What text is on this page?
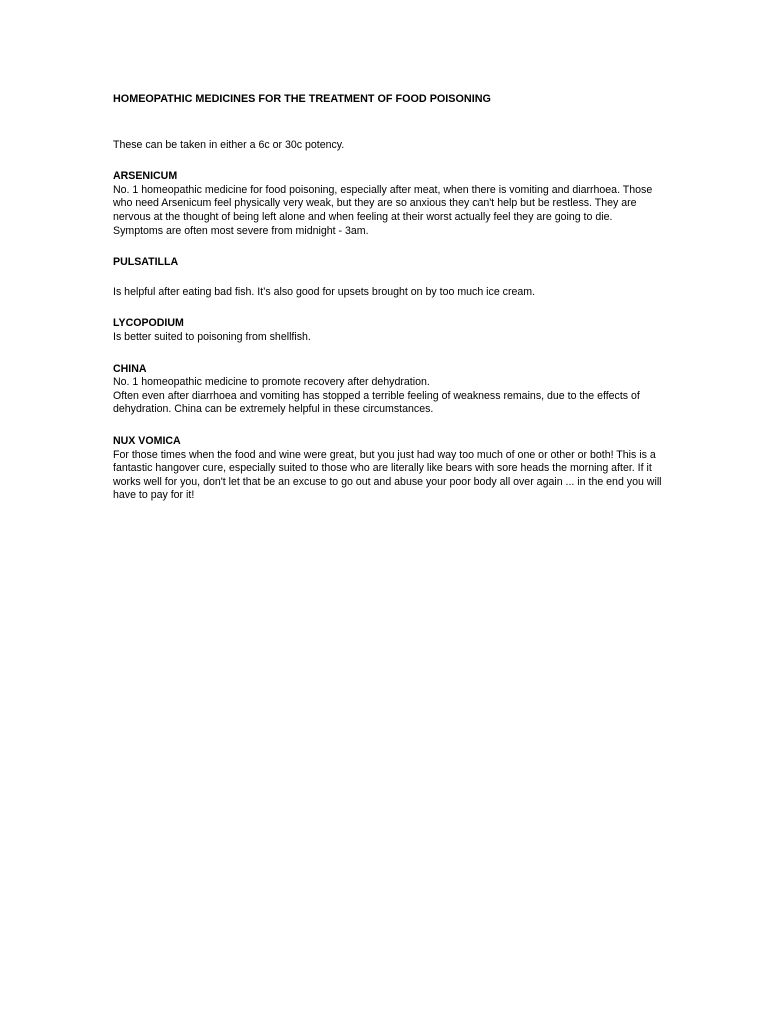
HOMEOPATHIC MEDICINES FOR THE TREATMENT OF FOOD POISONING

These can be taken in either a 6c or 30c potency.

ARSENICUM

No. 1 homeopathic medicine for food poisoning, especially after meat, when there is vomiting and diarrhoea. Those who need Arsenicum feel physically very weak, but they are so anxious they can't help but be restless. They are nervous at the thought of being left alone and when feeling at their worst actually feel they are going to die.

Symptoms are often most severe from midnight - 3am.

PULSATILLA

Is helpful after eating bad fish. It’s also good for upsets brought on by too much ice cream.

LYCOPODIUM

Is better suited to poisoning from shellfish.

CHINA

No. 1 homeopathic medicine to promote recovery after dehydration.

Often even after diarrhoea and vomiting has stopped a terrible feeling of weakness remains, due to the effects of dehydration. China can be extremely helpful in these circumstances.

NUX VOMICA

For those times when the food and wine were great, but you just had way too much of one or other or both! This is a fantastic hangover cure, especially suited to those who are literally like bears with sore heads the morning after. If it works well for you, don't let that be an excuse to go out and abuse your poor body all over again ... in the end you will have to pay for it!
